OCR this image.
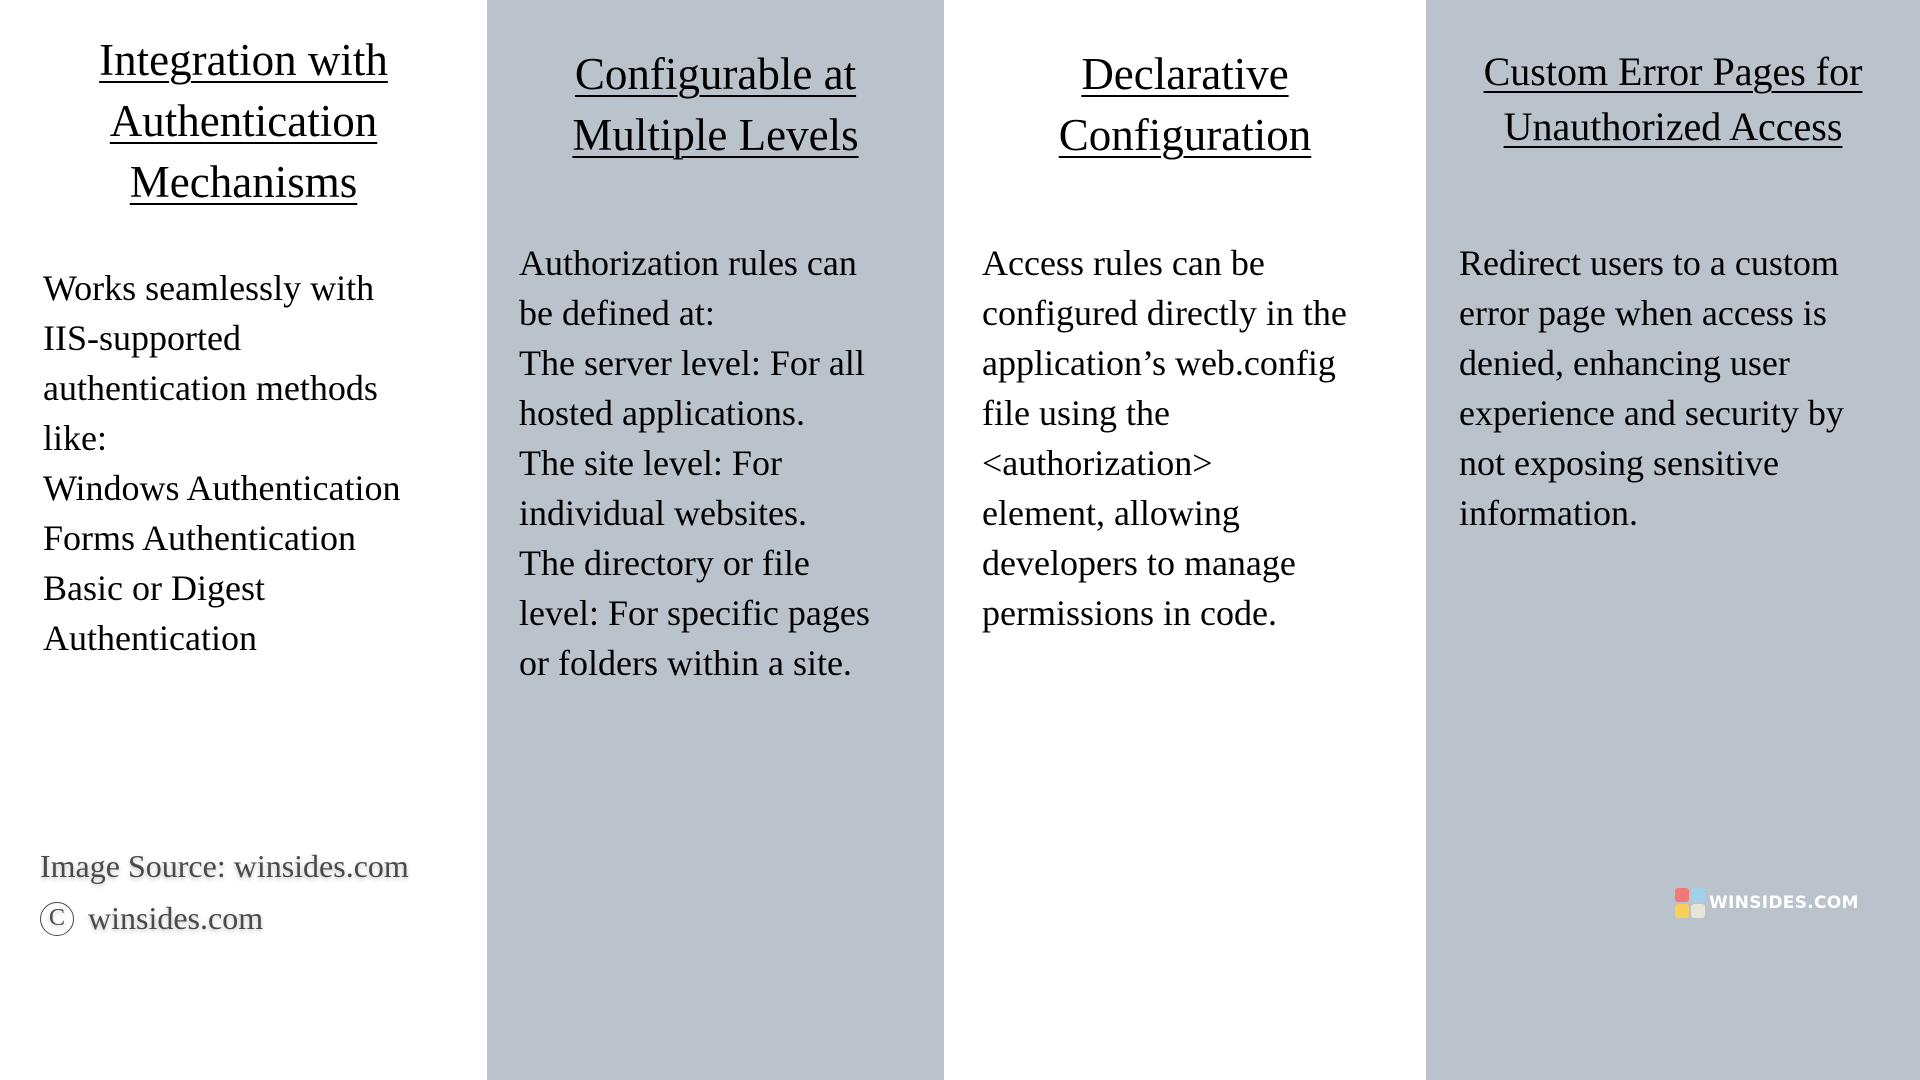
Integration with
Authentication
Mechanisms
Works seamlessly with
IIS-supported
authentication methods
like:
Windows Authentication
Forms Authentication
Basic or Digest
Authentication
Image Source: winsides.com
C winsides.com
Configurable at
Multiple Levels
Authorization rules can
be defined at:
The server level: For all
hosted applications.
The site level: For
individual websites.
The directory or file
level: For specific pages
or folders within a site.
Declarative
Configuration
Access rules can be
configured directly in the
application’s web.config
file using the
<authorization>
element, allowing
developers to manage
permissions in code.
Custom Error Pages for
Unauthorized Access
Redirect users to a custom
error page when access is
denied, enhancing user
experience and security by
not exposing sensitive
information.
WINSIDES.COM
